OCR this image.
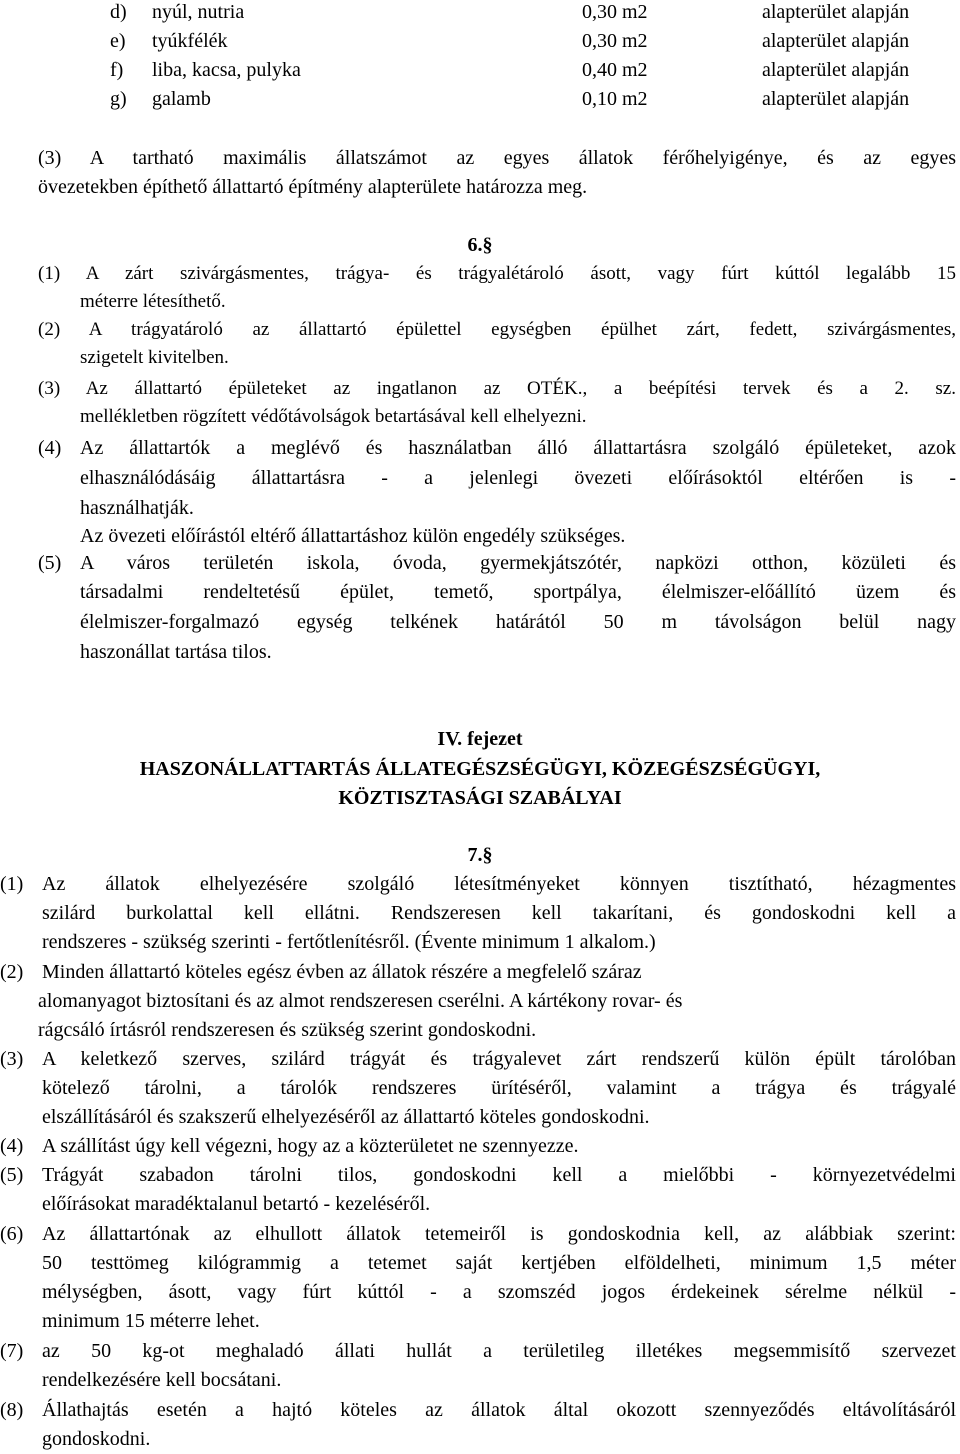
d) nyúl, nutria	0,30 m2	alapterület alapján
e) tyúkfélék	0,30 m2	alapterület alapján
f) liba, kacsa, pulyka	0,40 m2	alapterület alapján
g) galamb	0,10 m2	alapterület alapján
(3) A tartható maximális állatszámot az egyes állatok férőhelyigénye, és az egyes
övezetekben építhető állattartó építmény alapterülete határozza meg.
6.§
(1) A zárt szivárgásmentes, trágya- és trágyalétároló ásott, vagy fúrt kúttól legalább 15
méterre létesíthető.
(2) A trágyatároló az állattartó épülettel egységben épülhet zárt, fedett, szivárgásmentes,
szigetelt kivitelben.
(3) Az állattartó épületeket az ingatlanon az OTÉK., a beépítési tervek és a 2. sz.
mellékletben rögzített védőtávolságok betartásával kell elhelyezni.
(4) Az állattartók a meglévő és használatban álló állattartásra szolgáló épületeket, azok
elhasználódásáig állattartásra - a jelenlegi övezeti előírásoktól eltérően is -
használhatják.
Az övezeti előírástól eltérő állattartáshoz külön engedély szükséges.
(5) A város területén iskola, óvoda, gyermekjátszótér, napközi otthon, közületi és
társadalmi rendeltetésű épület, temető, sportpálya, élelmiszer-előállító üzem és
élelmiszer-forgalmazó egység telkének határától 50 m távolságon belül nagy
haszonállat tartása tilos.
IV. fejezet
HASZONÁLLATTARTÁS ÁLLATEGÉSZSÉGÜGYI, KÖZEGÉSZSÉGÜGYI,
KÖZTISZTASÁGI SZABÁLYAI
7.§
(1) Az állatok elhelyezésére szolgáló létesítményeket könnyen tisztítható, hézagmentes
szilárd burkolattal kell ellátni. Rendszeresen kell takarítani, és gondoskodni kell a
rendszeres - szükség szerinti - fertőtlenítésről. (Évente minimum 1 alkalom.)
(2) Minden állattartó köteles egész évben az állatok részére a megfelelő száraz
alomanyagot biztosítani és az almot rendszeresen cserélni. A kártékony rovar- és
rágcsáló írtásról rendszeresen és szükség szerint gondoskodni.
(3) A keletkező szerves, szilárd trágyát és trágyalevet zárt rendszerű külön épült tárolóban
kötelező tárolni, a tárolók rendszeres ürítéséről, valamint a trágya és trágyalé
elszállításáról és szakszerű elhelyezéséről az állattartó köteles gondoskodni.
(4) A szállítást úgy kell végezni, hogy az a közterületet ne szennyezze.
(5) Trágyát szabadon tárolni tilos, gondoskodni kell a mielőbbi - környezetvédelmi
előírásokat maradéktalanul betartó - kezeléséről.
(6) Az állattartónak az elhullott állatok tetemeiről is gondoskodnia kell, az alábbiak szerint:
50 testtömeg kilógrammig a tetemet saját kertjében elföldelheti, minimum 1,5 méter
mélységben, ásott, vagy fúrt kúttól - a szomszéd jogos érdekeinek sérelme nélkül -
minimum 15 méterre lehet.
(7) az 50 kg-ot meghaladó állati hullát a területileg illetékes megsemmisítő szervezet
rendelkezésére kell bocsátani.
(8) Állathajtás esetén a hajtó köteles az állatok által okozott szennyeződés eltávolításáról
gondoskodni.
